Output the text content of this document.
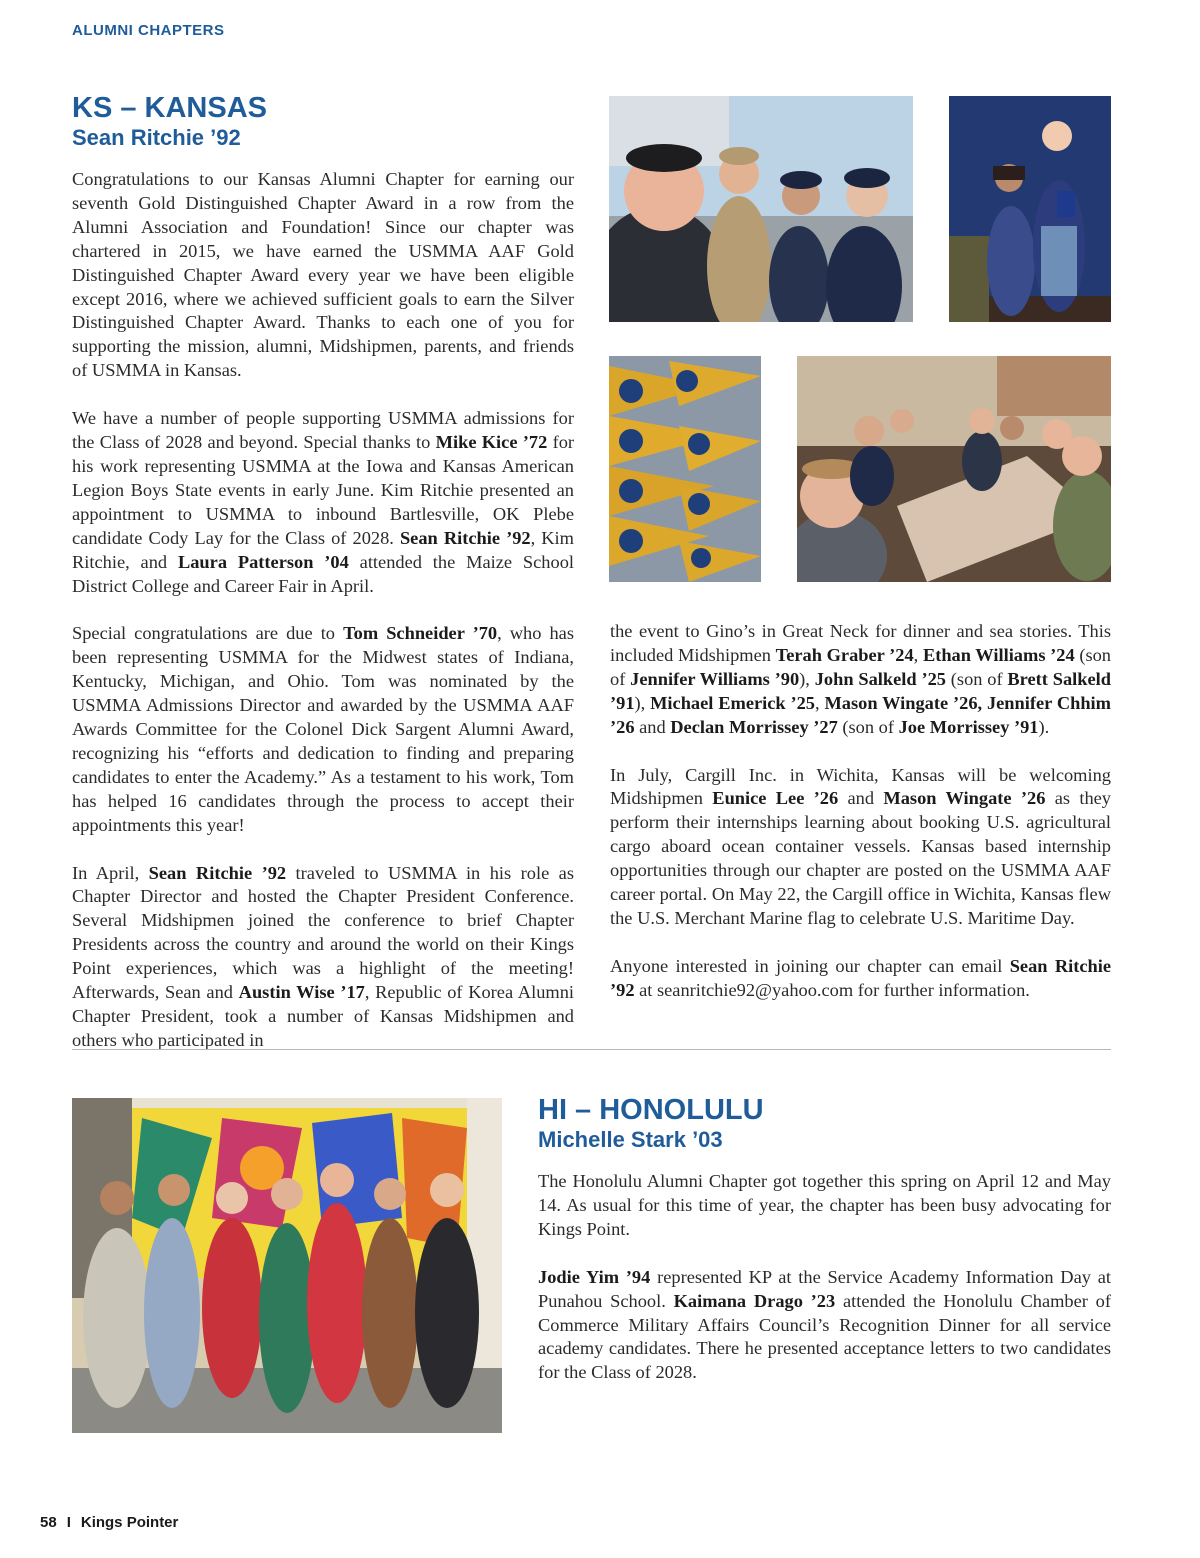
ALUMNI CHAPTERS
KS – KANSAS
Sean Ritchie ’92

Congratulations to our Kansas Alumni Chapter for earning our seventh Gold Distinguished Chapter Award in a row from the Alumni Association and Foundation! Since our chapter was chartered in 2015, we have earned the USMMA AAF Gold Distinguished Chapter Award every year we have been eligible except 2016, where we achieved sufficient goals to earn the Silver Distinguished Chapter Award. Thanks to each one of you for supporting the mission, alumni, Midshipmen, parents, and friends of USMMA in Kansas.

We have a number of people supporting USMMA admissions for the Class of 2028 and beyond. Special thanks to Mike Kice ’72 for his work representing USMMA at the Iowa and Kansas American Legion Boys State events in early June. Kim Ritchie presented an appointment to USMMA to inbound Bartlesville, OK Plebe candidate Cody Lay for the Class of 2028. Sean Ritchie ’92, Kim Ritchie, and Laura Patterson ’04 attended the Maize School District College and Career Fair in April.

Special congratulations are due to Tom Schneider ’70, who has been representing USMMA for the Midwest states of Indiana, Kentucky, Michigan, and Ohio. Tom was nominated by the USMMA Admissions Director and awarded by the USMMA AAF Awards Committee for the Colonel Dick Sargent Alumni Award, recognizing his “efforts and dedication to finding and preparing candidates to enter the Academy.” As a testament to his work, Tom has helped 16 candidates through the process to accept their appointments this year!

In April, Sean Ritchie ’92 traveled to USMMA in his role as Chapter Director and hosted the Chapter President Conference. Several Midshipmen joined the conference to brief Chapter Presidents across the country and around the world on their Kings Point experiences, which was a highlight of the meeting! Afterwards, Sean and Austin Wise ’17, Republic of Korea Alumni Chapter President, took a number of Kansas Midshipmen and others who participated in

the event to Gino’s in Great Neck for dinner and sea stories. This included Midshipmen Terah Graber ’24, Ethan Williams ’24 (son of Jennifer Williams ’90), John Salkeld ’25 (son of Brett Salkeld ’91), Michael Emerick ’25, Mason Wingate ’26, Jennifer Chhim ’26 and Declan Morrissey ’27 (son of Joe Morrissey ’91).

In July, Cargill Inc. in Wichita, Kansas will be welcoming Midshipmen Eunice Lee ’26 and Mason Wingate ’26 as they perform their internships learning about booking U.S. agricultural cargo aboard ocean container vessels. Kansas based internship opportunities through our chapter are posted on the USMMA AAF career portal. On May 22, the Cargill office in Wichita, Kansas flew the U.S. Merchant Marine flag to celebrate U.S. Maritime Day.

Anyone interested in joining our chapter can email Sean Ritchie ’92 at seanritchie92@yahoo.com for further information.

HI – HONOLULU
Michelle Stark ’03

The Honolulu Alumni Chapter got together this spring on April 12 and May 14. As usual for this time of year, the chapter has been busy advocating for Kings Point.

Jodie Yim ’94 represented KP at the Service Academy Information Day at Punahou School. Kaimana Drago ’23 attended the Honolulu Chamber of Commerce Military Affairs Council’s Recognition Dinner for all service academy candidates. There he presented acceptance letters to two candidates for the Class of 2028.

58 I Kings Pointer
